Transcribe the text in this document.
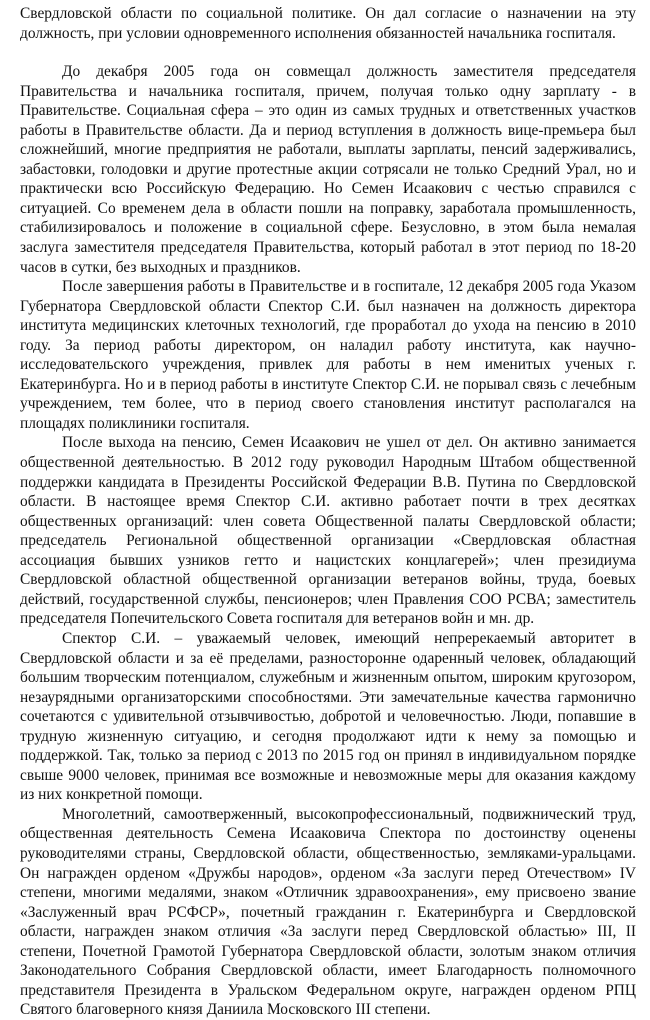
Свердловской области по социальной политике. Он дал согласие о назначении на эту должность, при условии одновременного исполнения обязанностей начальника госпиталя.

До декабря 2005 года он совмещал должность заместителя председателя Правительства и начальника госпиталя, причем, получая только одну зарплату - в Правительстве. Социальная сфера – это один из самых трудных и ответственных участков работы в Правительстве области. Да и период вступления в должность вице-премьера был сложнейший, многие предприятия не работали, выплаты зарплаты, пенсий задерживались, забастовки, голодовки и другие протестные акции сотрясали не только Средний Урал, но и практически всю Российскую Федерацию. Но Семен Исаакович с честью справился с ситуацией. Со временем дела в области пошли на поправку, заработала промышленность, стабилизировалось и положение в социальной сфере. Безусловно, в этом была немалая заслуга заместителя председателя Правительства, который работал в этот период по 18-20 часов в сутки, без выходных и праздников.

После завершения работы в Правительстве и в госпитале, 12 декабря 2005 года Указом Губернатора Свердловской области Спектор С.И. был назначен на должность директора института медицинских клеточных технологий, где проработал до ухода на пенсию в 2010 году. За период работы директором, он наладил работу института, как научно-исследовательского учреждения, привлек для работы в нем именитых ученых г. Екатеринбурга. Но и в период работы в институте Спектор С.И. не порывал связь с лечебным учреждением, тем более, что в период своего становления институт располагался на площадях поликлиники госпиталя.

После выхода на пенсию, Семен Исаакович не ушел от дел. Он активно занимается общественной деятельностью. В 2012 году руководил Народным Штабом общественной поддержки кандидата в Президенты Российской Федерации В.В. Путина по Свердловской области. В настоящее время Спектор С.И. активно работает почти в трех десятках общественных организаций: член совета Общественной палаты Свердловской области; председатель Региональной общественной организации «Свердловская областная ассоциация бывших узников гетто и нацистских концлагерей»; член президиума Свердловской областной общественной организации ветеранов войны, труда, боевых действий, государственной службы, пенсионеров; член Правления СОО РСВА; заместитель председателя Попечительского Совета госпиталя для ветеранов войн и мн. др.

Спектор С.И. – уважаемый человек, имеющий непререкаемый авторитет в Свердловской области и за её пределами, разносторонне одаренный человек, обладающий большим творческим потенциалом, служебным и жизненным опытом, широким кругозором, незаурядными организаторскими способностями. Эти замечательные качества гармонично сочетаются с удивительной отзывчивостью, добротой и человечностью. Люди, попавшие в трудную жизненную ситуацию, и сегодня продолжают идти к нему за помощью и поддержкой. Так, только за период с 2013 по 2015 год он принял в индивидуальном порядке свыше 9000 человек, принимая все возможные и невозможные меры для оказания каждому из них конкретной помощи.

Многолетний, самоотверженный, высокопрофессиональный, подвижнический труд, общественная деятельность Семена Исааковича Спектора по достоинству оценены руководителями страны, Свердловской области, общественностью, земляками-уральцами. Он награжден орденом «Дружбы народов», орденом «За заслуги перед Отечеством» IV степени, многими медалями, знаком «Отличник здравоохранения», ему присвоено звание «Заслуженный врач РСФСР», почетный гражданин г. Екатеринбурга и Свердловской области, награжден знаком отличия «За заслуги перед Свердловской областью» III, II степени, Почетной Грамотой Губернатора Свердловской области, золотым знаком отличия Законодательного Собрания Свердловской области, имеет Благодарность полномочного представителя Президента в Уральском Федеральном округе, награжден орденом РПЦ Святого благоверного князя Даниила Московского III степени.
